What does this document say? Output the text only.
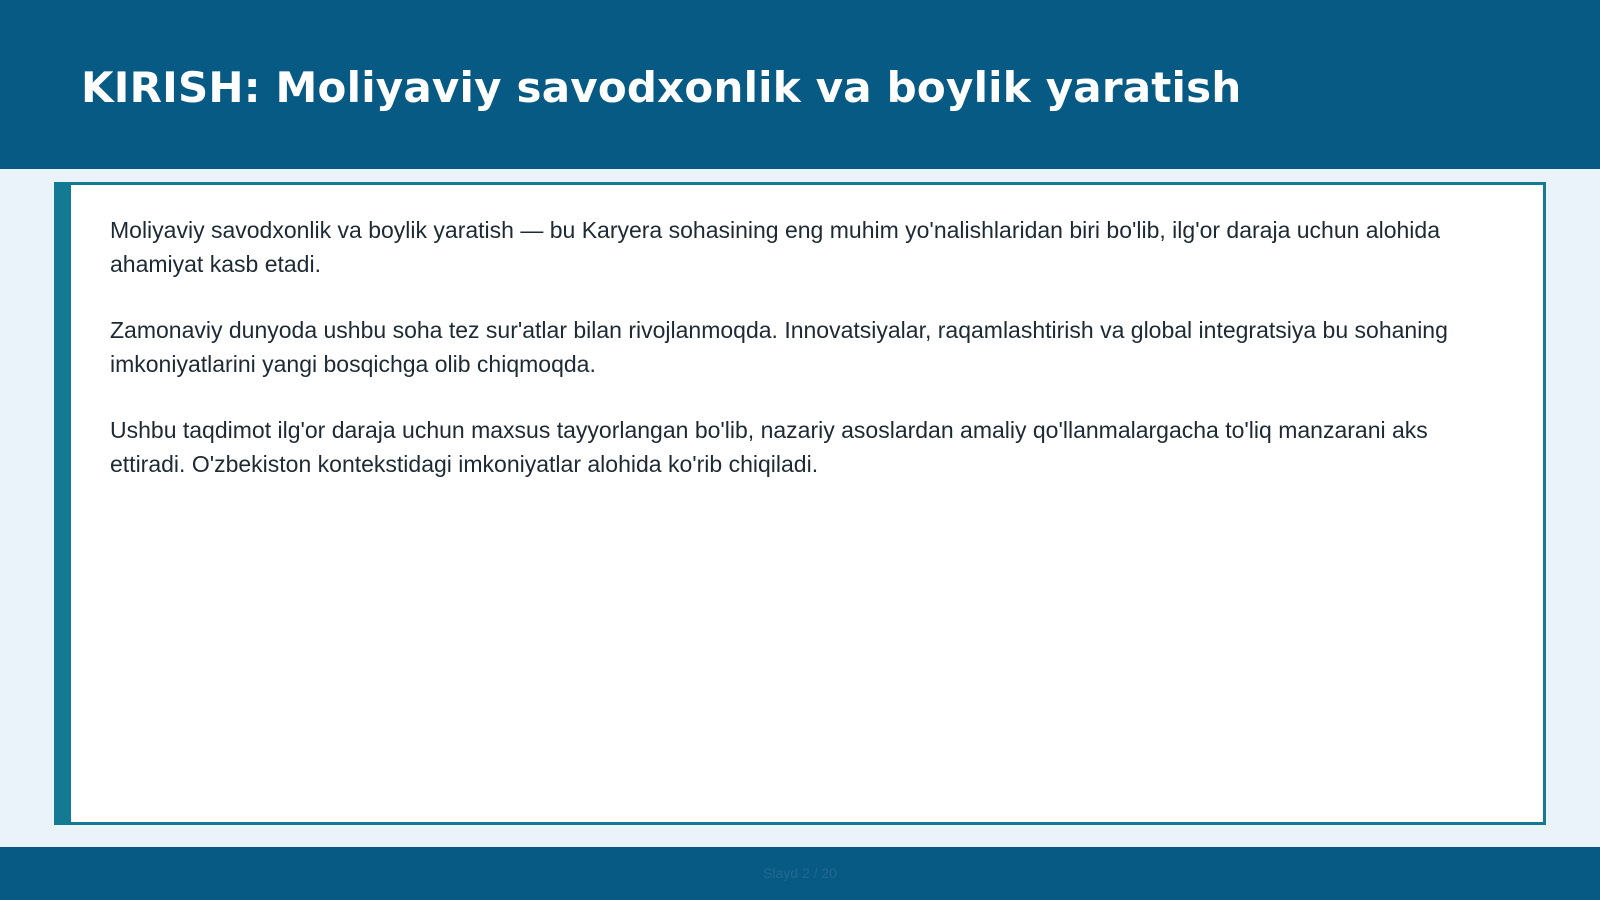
KIRISH: Moliyaviy savodxonlik va boylik yaratish

Moliyaviy savodxonlik va boylik yaratish — bu Karyera sohasining eng muhim yo'nalishlaridan biri bo'lib, ilg'or daraja uchun alohida ahamiyat kasb etadi.

Zamonaviy dunyoda ushbu soha tez sur'atlar bilan rivojlanmoqda. Innovatsiyalar, raqamlashtirish va global integratsiya bu sohaning imkoniyatlarini yangi bosqichga olib chiqmoqda.

Ushbu taqdimot ilg'or daraja uchun maxsus tayyorlangan bo'lib, nazariy asoslardan amaliy qo'llanmalargacha to'liq manzarani aks ettiradi. O'zbekiston kontekstidagi imkoniyatlar alohida ko'rib chiqiladi.

Slayd 2 / 20
